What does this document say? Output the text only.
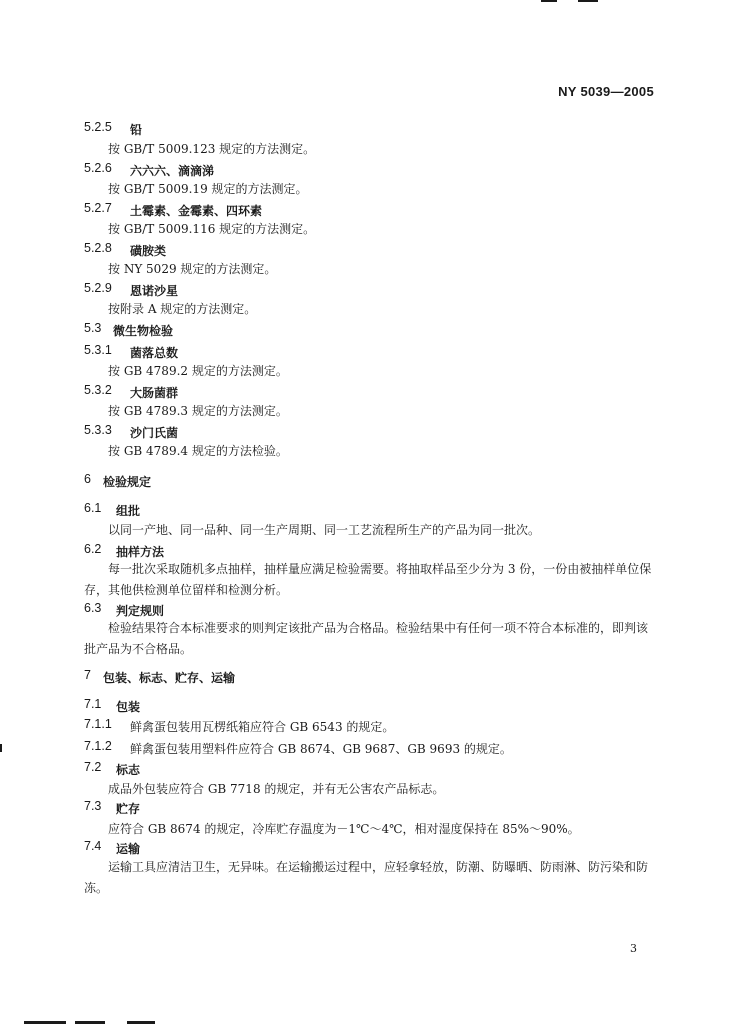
NY 5039—2005
5.2.5 铅
按 GB/T 5009.123 规定的方法测定。
5.2.6 六六六、滴滴涕
按 GB/T 5009.19 规定的方法测定。
5.2.7 土霉素、金霉素、四环素
按 GB/T 5009.116 规定的方法测定。
5.2.8 磺胺类
按 NY 5029 规定的方法测定。
5.2.9 恩诺沙星
按附录 A 规定的方法测定。
5.3 微生物检验
5.3.1 菌落总数
按 GB 4789.2 规定的方法测定。
5.3.2 大肠菌群
按 GB 4789.3 规定的方法测定。
5.3.3 沙门氏菌
按 GB 4789.4 规定的方法检验。
6 检验规定
6.1 组批
以同一产地、同一品种、同一生产周期、同一工艺流程所生产的产品为同一批次。
6.2 抽样方法
每一批次采取随机多点抽样，抽样量应满足检验需要。将抽取样品至少分为 3 份，一份由被抽样单位保存，其他供检测单位留样和检测分析。
6.3 判定规则
检验结果符合本标准要求的则判定该批产品为合格品。检验结果中有任何一项不符合本标准的，即判该批产品为不合格品。
7 包装、标志、贮存、运输
7.1 包装
7.1.1 鲜禽蛋包装用瓦楞纸箱应符合 GB 6543 的规定。
7.1.2 鲜禽蛋包装用塑料件应符合 GB 8674、GB 9687、GB 9693 的规定。
7.2 标志
成品外包装应符合 GB 7718 的规定，并有无公害农产品标志。
7.3 贮存
应符合 GB 8674 的规定，冷库贮存温度为－1℃～4℃，相对湿度保持在 85%～90%。
7.4 运输
运输工具应清洁卫生，无异味。在运输搬运过程中，应轻拿轻放，防潮、防曝晒、防雨淋、防污染和防冻。
3
